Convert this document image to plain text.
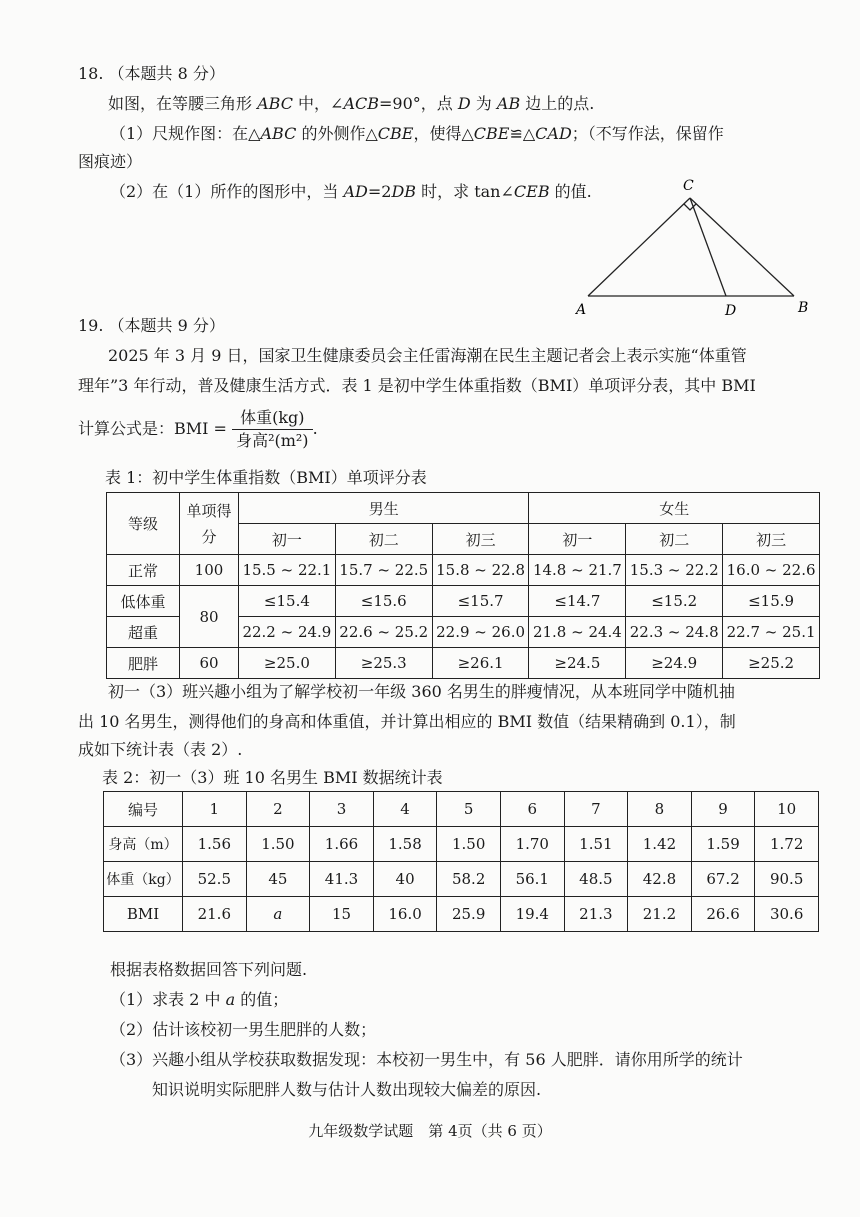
18. （本题共 8 分）
如图，在等腰三角形 ABC 中，∠ACB=90°，点 D 为 AB 边上的点.
（1）尺规作图：在△ABC 的外侧作△CBE，使得△CBE≌△CAD；（不写作法，保留作
图痕迹）
（2）在（1）所作的图形中，当 AD=2DB 时，求 tan∠CEB 的值.
A	B
C
D
19. （本题共 9 分）
2025 年 3 月 9 日，国家卫生健康委员会主任雷海潮在民生主题记者会上表示实施“体重管
理年”3 年行动，普及健康生活方式．表 1 是初中学生体重指数（BMI）单项评分表，其中 BMI
计算公式是：BMI = $\frac{\text{体重(kg)}}{\text{身高²(m²)}}$ .
表 1：初中学生体重指数（BMI）单项评分表
等级	单项得分	男生			女生		
		初一	初二	初三	初一	初二	初三
正常	100	15.5 ~ 22.1	15.7 ~ 22.5	15.8 ~ 22.8	14.8 ~ 21.7	15.3 ~ 22.2	16.0 ~ 22.6
低体重	80	≤15.4	≤15.6	≤15.7	≤14.7	≤15.2	≤15.9
超重		22.2 ~ 24.9	22.6 ~ 25.2	22.9 ~ 26.0	21.8 ~ 24.4	22.3 ~ 24.8	22.7 ~ 25.1
肥胖	60	≥25.0	≥25.3	≥26.1	≥24.5	≥24.9	≥25.2
初一（3）班兴趣小组为了解学校初一年级 360 名男生的胖瘦情况，从本班同学中随机抽
出 10 名男生，测得他们的身高和体重值，并计算出相应的 BMI 数值（结果精确到 0.1），制
成如下统计表（表 2）.
表 2：初一（3）班 10 名男生 BMI 数据统计表
编号	1	2	3	4	5	6	7	8	9	10
身高（m）	1.56	1.50	1.66	1.58	1.50	1.70	1.51	1.42	1.59	1.72
体重（kg）	52.5	45	41.3	40	58.2	56.1	48.5	42.8	67.2	90.5
BMI	21.6	a	15	16.0	25.9	19.4	21.3	21.2	26.6	30.6
根据表格数据回答下列问题.
（1）求表 2 中 a 的值；
（2）估计该校初一男生肥胖的人数；
（3）兴趣小组从学校获取数据发现：本校初一男生中，有 56 人肥胖．请你用所学的统计
知识说明实际肥胖人数与估计人数出现较大偏差的原因.
九年级数学试题　第 4页（共 6 页）
